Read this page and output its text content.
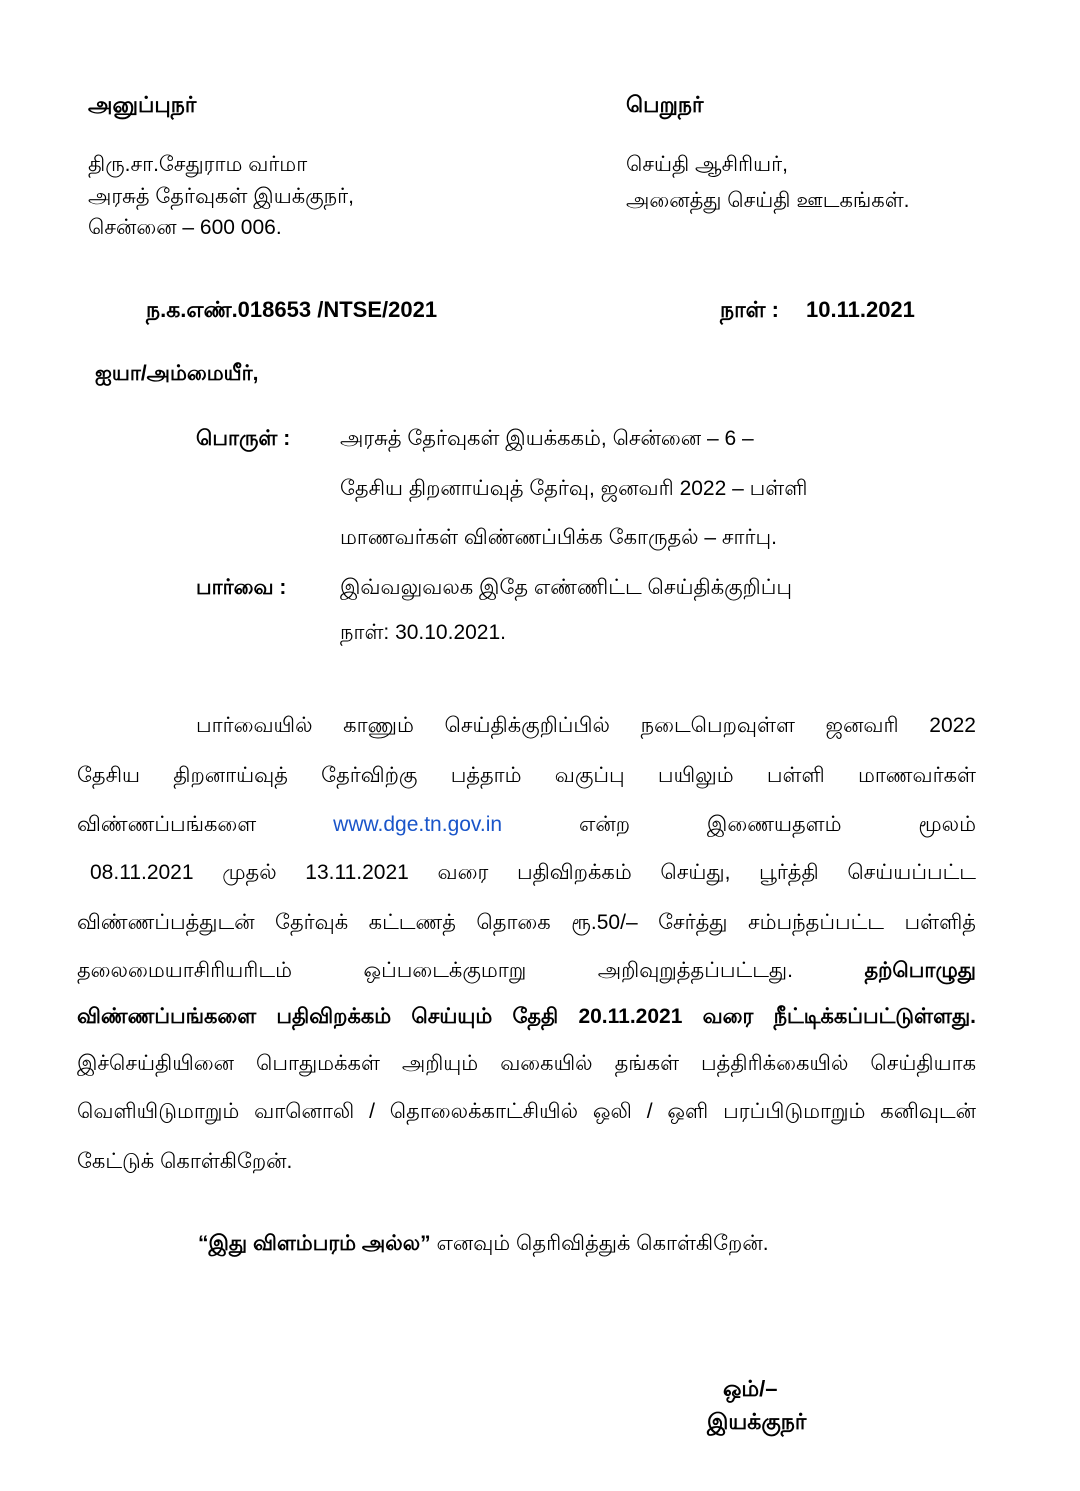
அனுப்புநர்	பெறுநர்
திரு.சா.சேதுராம வர்மா
அரசுத் தேர்வுகள் இயக்குநர்,
சென்னை – 600 006.
செய்தி ஆசிரியர்,
அனைத்து செய்தி ஊடகங்கள்.
ந.க.எண்.018653 /NTSE/2021	நாள் : 10.11.2021
ஐயா/அம்மையீர்,
பொருள் : அரசுத் தேர்வுகள் இயக்ககம், சென்னை – 6 –
தேசிய திறனாய்வுத் தேர்வு, ஜனவரி 2022 – பள்ளி
மாணவர்கள் விண்ணப்பிக்க கோருதல் – சார்பு.
பார்வை :	இவ்வலுவலக இதே எண்ணிட்ட செய்திக்குறிப்பு
நாள்: 30.10.2021.
பார்வையில் காணும் செய்திக்குறிப்பில் நடைபெறவுள்ள ஜனவரி 2022
தேசிய திறனாய்வுத் தேர்விற்கு பத்தாம் வகுப்பு பயிலும் பள்ளி மாணவர்கள்
விண்ணப்பங்களை	www.dge.tn.gov.in	என்ற இணையதளம் மூலம்
08.11.2021 முதல் 13.11.2021 வரை பதிவிறக்கம் செய்து, பூர்த்தி செய்யப்பட்ட
விண்ணப்பத்துடன் தேர்வுக் கட்டணத் தொகை ரூ.50/– சேர்த்து சம்பந்தப்பட்ட பள்ளித்
தலைமையாசிரியரிடம் ஒப்படைக்குமாறு அறிவுறுத்தப்பட்டது.	தற்பொழுது
விண்ணப்பங்களை பதிவிறக்கம் செய்யும் தேதி 20.11.2021 வரை நீட்டிக்கப்பட்டுள்ளது.
இச்செய்தியினை பொதுமக்கள் அறியும் வகையில் தங்கள் பத்திரிக்கையில் செய்தியாக
வெளியிடுமாறும் வானொலி / தொலைக்காட்சியில் ஒலி / ஒளி பரப்பிடுமாறும் கனிவுடன்
கேட்டுக் கொள்கிறேன்.
“இது விளம்பரம் அல்ல” எனவும் தெரிவித்துக் கொள்கிறேன்.
ஒம்/–
இயக்குநர்
